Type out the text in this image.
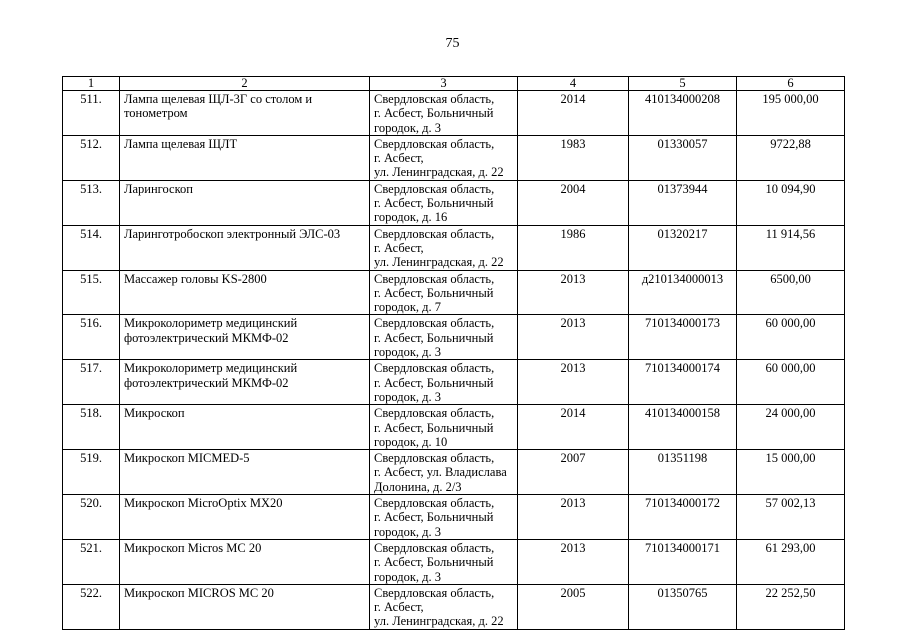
75
1	2	3	4	5	6
511.	Лампа щелевая ЩЛ-3Г со столом и тонометром	Свердловская область,
г. Асбест, Больничный
городок, д. 3	2014	410134000208	195 000,00
512.	Лампа щелевая ЩЛТ	Свердловская область,
г. Асбест,
ул. Ленинградская, д. 22	1983	01330057	9722,88
513.	Ларингоскоп	Свердловская область,
г. Асбест, Больничный
городок, д. 16	2004	01373944	10 094,90
514.	Ларинготробоскоп электронный ЭЛС-03	Свердловская область,
г. Асбест,
ул. Ленинградская, д. 22	1986	01320217	11 914,56
515.	Массажер головы KS-2800	Свердловская область,
г. Асбест, Больничный
городок, д. 7	2013	д210134000013	6500,00
516.	Микроколориметр медицинский фотоэлектрический МКМФ-02	Свердловская область,
г. Асбест, Больничный
городок, д. 3	2013	710134000173	60 000,00
517.	Микроколориметр медицинский фотоэлектрический МКМФ-02	Свердловская область,
г. Асбест, Больничный
городок, д. 3	2013	710134000174	60 000,00
518.	Микроскоп	Свердловская область,
г. Асбест, Больничный
городок, д. 10	2014	410134000158	24 000,00
519.	Микроскоп MICMED-5	Свердловская область,
г. Асбест, ул. Владислава
Долонина, д. 2/3	2007	01351198	15 000,00
520.	Микроскоп MicroOptix MX20	Свердловская область,
г. Асбест, Больничный
городок, д. 3	2013	710134000172	57 002,13
521.	Микроскоп Micros MC 20	Свердловская область,
г. Асбест, Больничный
городок, д. 3	2013	710134000171	61 293,00
522.	Микроскоп MICROS MC 20	Свердловская область,
г. Асбест,
ул. Ленинградская, д. 22	2005	01350765	22 252,50
